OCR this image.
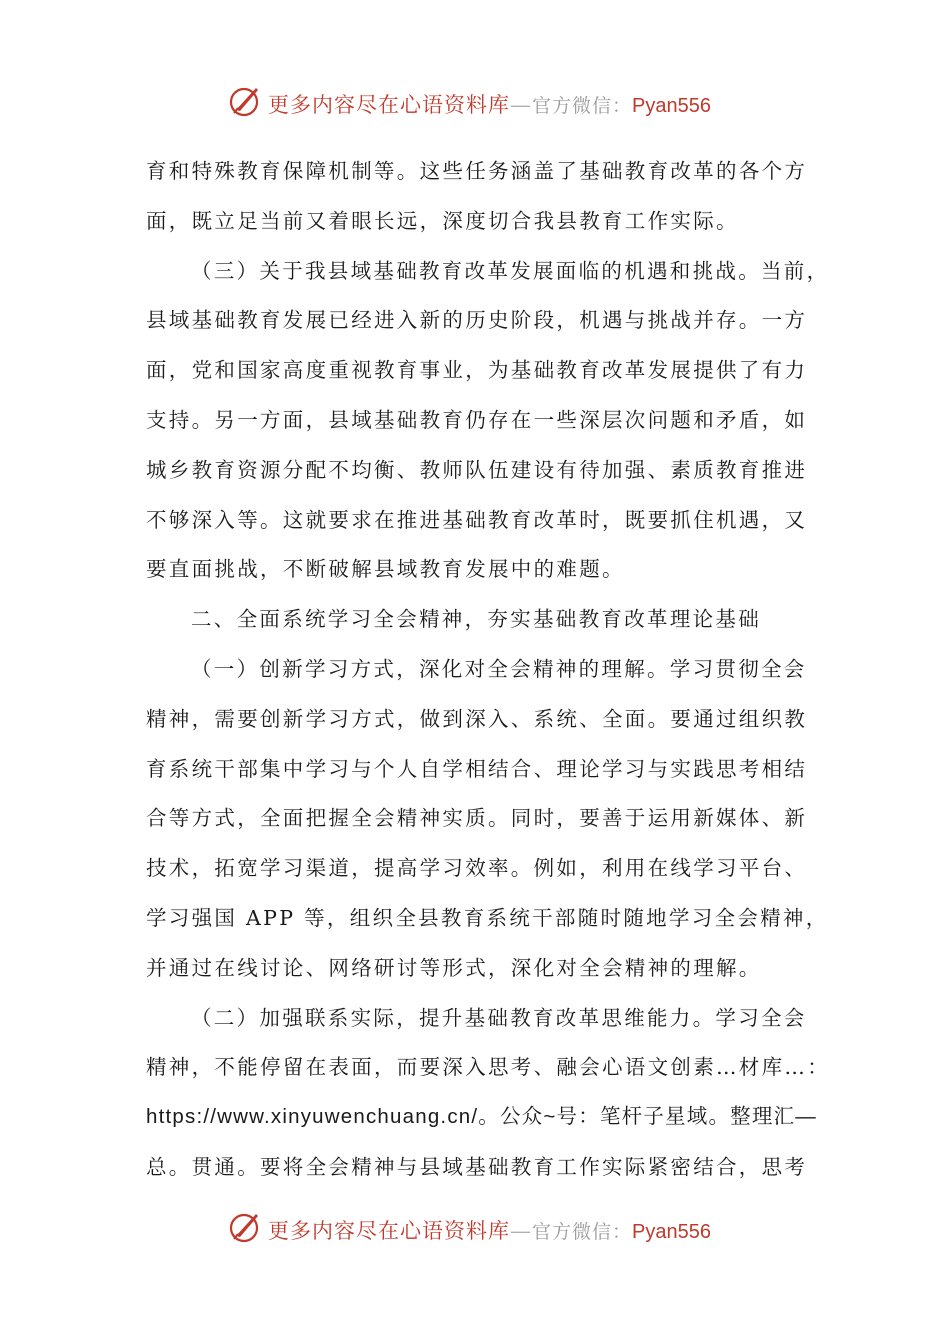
更多内容尽在心语资料库—官方微信：Pyan556
育和特殊教育保障机制等。这些任务涵盖了基础教育改革的各个方
面，既立足当前又着眼长远，深度切合我县教育工作实际。
（三）关于我县域基础教育改革发展面临的机遇和挑战。当前，
县域基础教育发展已经进入新的历史阶段，机遇与挑战并存。一方
面，党和国家高度重视教育事业，为基础教育改革发展提供了有力
支持。另一方面，县域基础教育仍存在一些深层次问题和矛盾，如
城乡教育资源分配不均衡、教师队伍建设有待加强、素质教育推进
不够深入等。这就要求在推进基础教育改革时，既要抓住机遇，又
要直面挑战，不断破解县域教育发展中的难题。
二、全面系统学习全会精神，夯实基础教育改革理论基础
（一）创新学习方式，深化对全会精神的理解。学习贯彻全会
精神，需要创新学习方式，做到深入、系统、全面。要通过组织教
育系统干部集中学习与个人自学相结合、理论学习与实践思考相结
合等方式，全面把握全会精神实质。同时，要善于运用新媒体、新
技术，拓宽学习渠道，提高学习效率。例如，利用在线学习平台、
学习强国 APP 等，组织全县教育系统干部随时随地学习全会精神，
并通过在线讨论、网络研讨等形式，深化对全会精神的理解。
（二）加强联系实际，提升基础教育改革思维能力。学习全会
精神，不能停留在表面，而要深入思考、融会心语文创素…材库…：
https://www.xinyuwenchuang.cn/。公众~号：笔杆子星域。整理汇—
总。贯通。要将全会精神与县域基础教育工作实际紧密结合，思考
更多内容尽在心语资料库—官方微信：Pyan556
